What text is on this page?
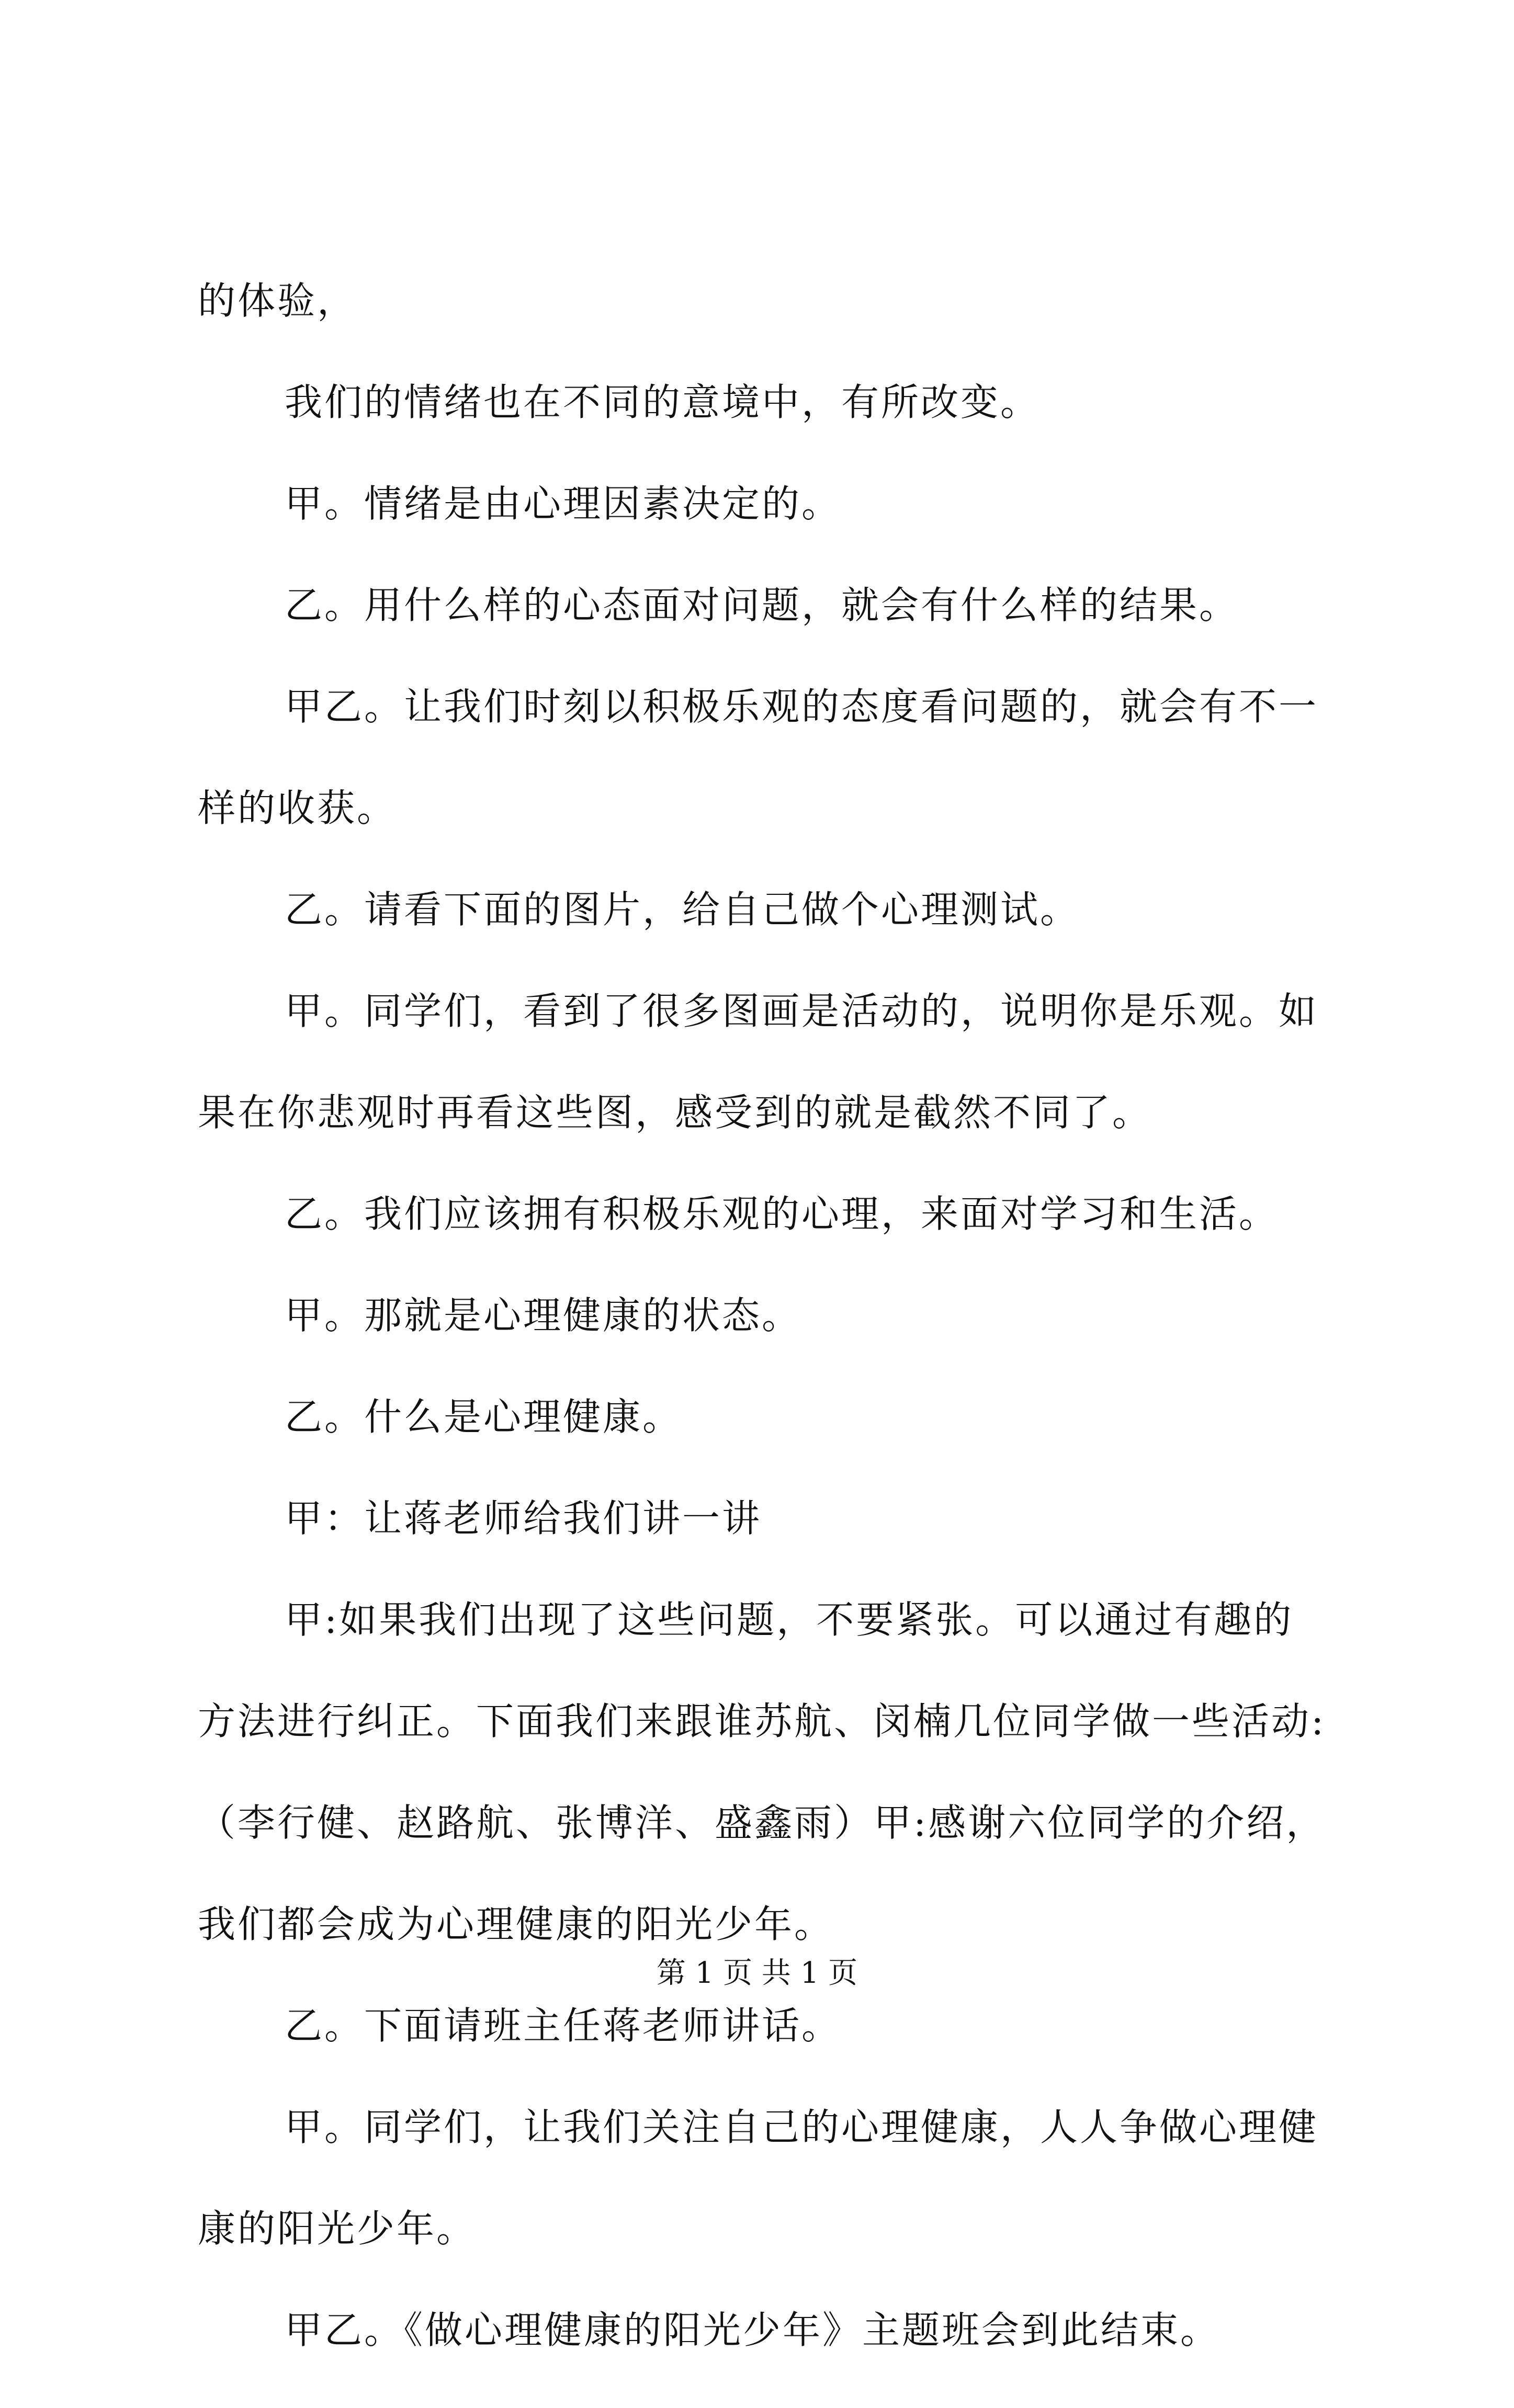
的体验，

我们的情绪也在不同的意境中，有所改变。

甲。情绪是由心理因素决定的。

乙。用什么样的心态面对问题，就会有什么样的结果。

甲乙。让我们时刻以积极乐观的态度看问题的，就会有不一

样的收获。

乙。请看下面的图片，给自己做个心理测试。

甲。同学们，看到了很多图画是活动的，说明你是乐观。如

果在你悲观时再看这些图，感受到的就是截然不同了。

乙。我们应该拥有积极乐观的心理，来面对学习和生活。

甲。那就是心理健康的状态。

乙。什么是心理健康。

甲：让蒋老师给我们讲一讲

甲:如果我们出现了这些问题，不要紧张。可以通过有趣的

方法进行纠正。下面我们来跟谁苏航、闵楠几位同学做一些活动:

（李行健、赵路航、张博洋、盛鑫雨）甲:感谢六位同学的介绍，

我们都会成为心理健康的阳光少年。

乙。下面请班主任蒋老师讲话。

甲。同学们，让我们关注自己的心理健康，人人争做心理健

康的阳光少年。

甲乙。《做心理健康的阳光少年》主题班会到此结束。

第 1 页 共 1 页
